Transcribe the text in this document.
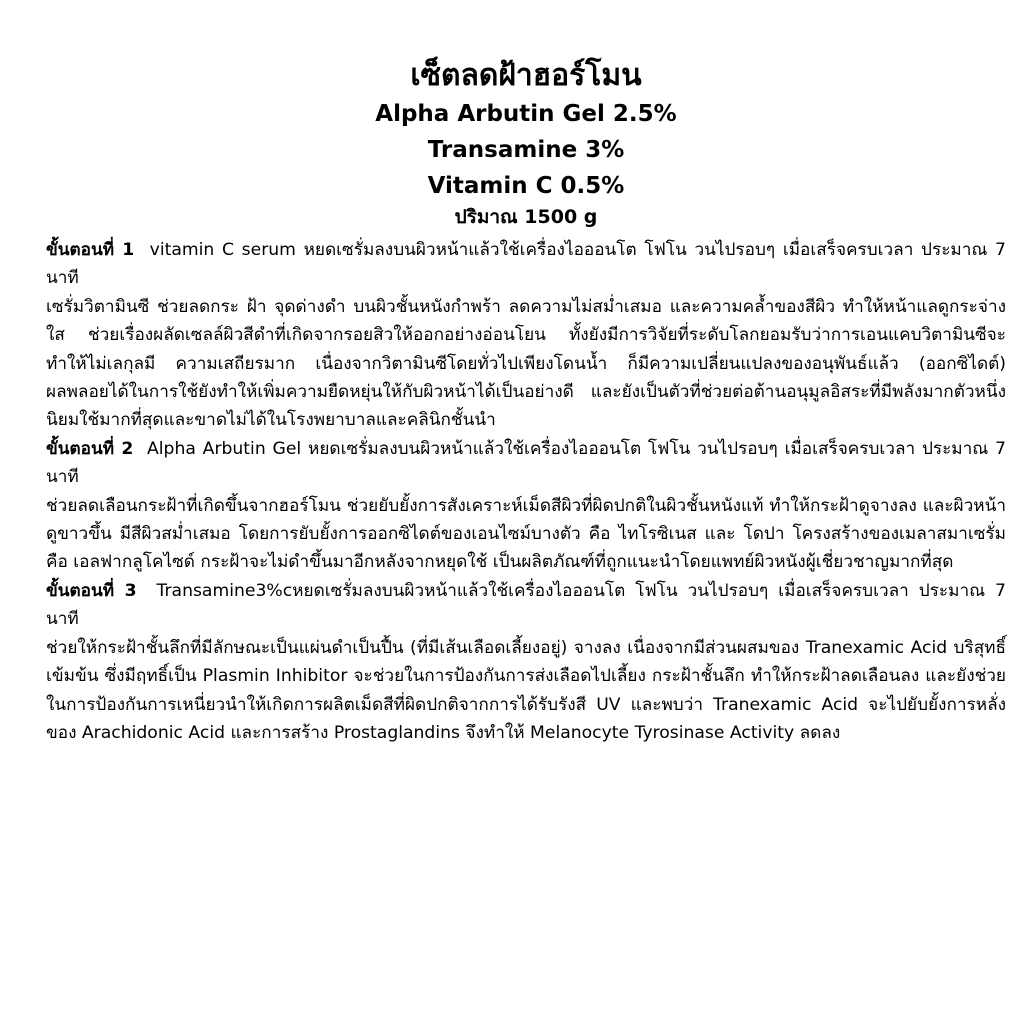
เซ็ตลดฝ้าฮอร์โมน
Alpha Arbutin Gel 2.5%
Transamine 3%
Vitamin C 0.5%
ปริมาณ 1500 g

ขั้นตอนที่ 1 vitamin C serum หยดเซรั่มลงบนผิวหน้าแล้วใช้เครื่องไอออนโต โฟโน วนไปรอบๆ เมื่อเสร็จครบเวลา ประมาณ 7 นาที

เซรั่มวิตามินซี ช่วยลดกระ ฝ้า จุดด่างดำ บนผิวชั้นหนังกำพร้า ลดความไม่สม่ำเสมอ และความคล้ำของสีผิว ทำให้หน้าแลดูกระจ่างใส ช่วยเรื่องผลัดเซลล์ผิวสีดำที่เกิดจากรอยสิวให้ออกอย่างอ่อนโยน ทั้งยังมีการวิจัยที่ระดับโลกยอมรับว่าการเอนแคบวิตามินซีจะทำให้ไม่เลกุลมี ความเสถียรมาก เนื่องจากวิตามินซีโดยทั่วไปเพียงโดนน้ำ ก็มีความเปลี่ยนแปลงของอนุพันธ์แล้ว (ออกซิไดต์) ผลพลอยได้ในการใช้ยังทำให้เพิ่มความยืดหยุ่นให้กับผิวหน้าได้เป็นอย่างดี และยังเป็นตัวที่ช่วยต่อต้านอนุมูลอิสระที่มีพลังมากตัวหนึ่ง นิยมใช้มากที่สุดและขาดไม่ได้ในโรงพยาบาลและคลินิกชั้นนำ

ขั้นตอนที่ 2 Alpha Arbutin Gel หยดเซรั่มลงบนผิวหน้าแล้วใช้เครื่องไอออนโต โฟโน วนไปรอบๆ เมื่อเสร็จครบเวลา ประมาณ 7 นาที

ช่วยลดเลือนกระฝ้าที่เกิดขึ้นจากฮอร์โมน ช่วยยับยั้งการสังเคราะห์เม็ดสีผิวที่ผิดปกติในผิวชั้นหนังแท้ ทำให้กระฝ้าดูจางลง และผิวหน้าดูขาวขึ้น มีสีผิวสม่ำเสมอ โดยการยับยั้งการออกซิไดต์ของเอนไซม์บางตัว คือ ไทโรซิเนส และ โดปา โครงสร้างของเมลาสมาเซรั่ม คือ เอลฟากลูโคไซด์ กระฝ้าจะไม่ดำขึ้นมาอีกหลังจากหยุดใช้ เป็นผลิตภัณฑ์ที่ถูกแนะนำโดยแพทย์ผิวหนังผู้เชี่ยวชาญมากที่สุด

ขั้นตอนที่ 3 Transamine3%cหยดเซรั่มลงบนผิวหน้าแล้วใช้เครื่องไอออนโต โฟโน วนไปรอบๆ เมื่อเสร็จครบเวลา ประมาณ 7 นาที

ช่วยให้กระฝ้าชั้นลึกที่มีลักษณะเป็นแผ่นดำเป็นปื้น (ที่มีเส้นเลือดเลี้ยงอยู่) จางลง เนื่องจากมีส่วนผสมของ Tranexamic Acid บริสุทธิ์เข้มข้น ซึ่งมีฤทธิ์เป็น Plasmin Inhibitor จะช่วยในการป้องกันการส่งเลือดไปเลี้ยง กระฝ้าชั้นลึก ทำให้กระฝ้าลดเลือนลง และยังช่วยในการป้องกันการเหนี่ยวนำให้เกิดการผลิตเม็ดสีที่ผิดปกติจากการได้รับรังสี UV และพบว่า Tranexamic Acid จะไปยับยั้งการหลั่งของ Arachidonic Acid และการสร้าง Prostaglandins จึงทำให้ Melanocyte Tyrosinase Activity ลดลง
